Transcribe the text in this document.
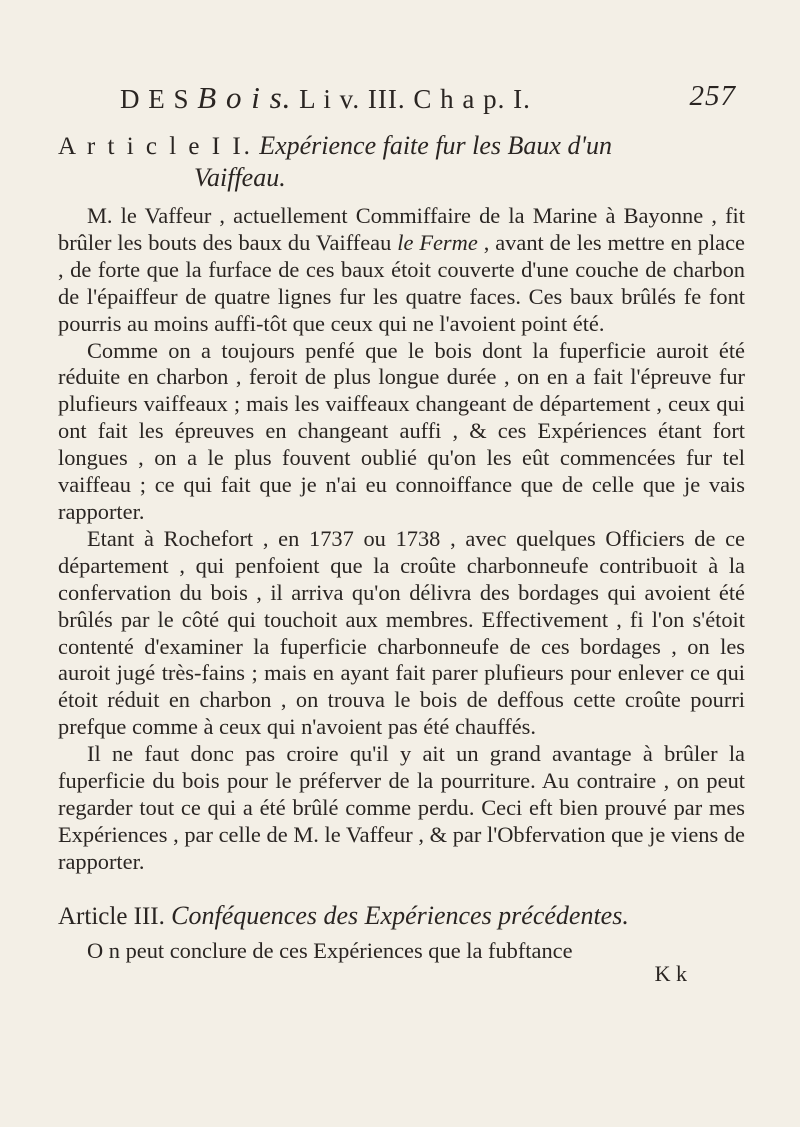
D E S B o i s. L i v. III. C h a p. I.	257
A r t i c l e I I. Expérience faite fur les Baux d'un
Vaiffeau.

M. le Vaffeur , actuellement Commiffaire de la Marine à Bayonne , fit brûler les bouts des baux du Vaiffeau le Ferme , avant de les mettre en place , de forte que la furface de ces baux étoit couverte d'une couche de charbon de l'épaiffeur de quatre lignes fur les quatre faces. Ces baux brûlés fe font pourris au moins auffi-tôt que ceux qui ne l'avoient point été.

Comme on a toujours penfé que le bois dont la fuperficie auroit été réduite en charbon , feroit de plus longue durée , on en a fait l'épreuve fur plufieurs vaiffeaux ; mais les vaiffeaux changeant de département , ceux qui ont fait les épreuves en changeant auffi , & ces Expériences étant fort longues , on a le plus fouvent oublié qu'on les eût commencées fur tel vaiffeau ; ce qui fait que je n'ai eu connoiffance que de celle que je vais rapporter.

Etant à Rochefort , en 1737 ou 1738 , avec quelques Officiers de ce département , qui penfoient que la croûte charbonneufe contribuoit à la confervation du bois , il arriva qu'on délivra des bordages qui avoient été brûlés par le côté qui touchoit aux membres. Effectivement , fi l'on s'étoit contenté d'examiner la fuperficie charbonneufe de ces bordages , on les auroit jugé très-fains ; mais en ayant fait parer plufieurs pour enlever ce qui étoit réduit en charbon , on trouva le bois de deffous cette croûte pourri prefque comme à ceux qui n'avoient pas été chauffés.

Il ne faut donc pas croire qu'il y ait un grand avantage à brûler la fuperficie du bois pour le préferver de la pourriture. Au contraire , on peut regarder tout ce qui a été brûlé comme perdu. Ceci eft bien prouvé par mes Expériences , par celle de M. le Vaffeur , & par l'Obfervation que je viens de rapporter.

Article III. Conféquences des Expériences précédentes.

O n peut conclure de ces Expériences que la fubftance

K k
